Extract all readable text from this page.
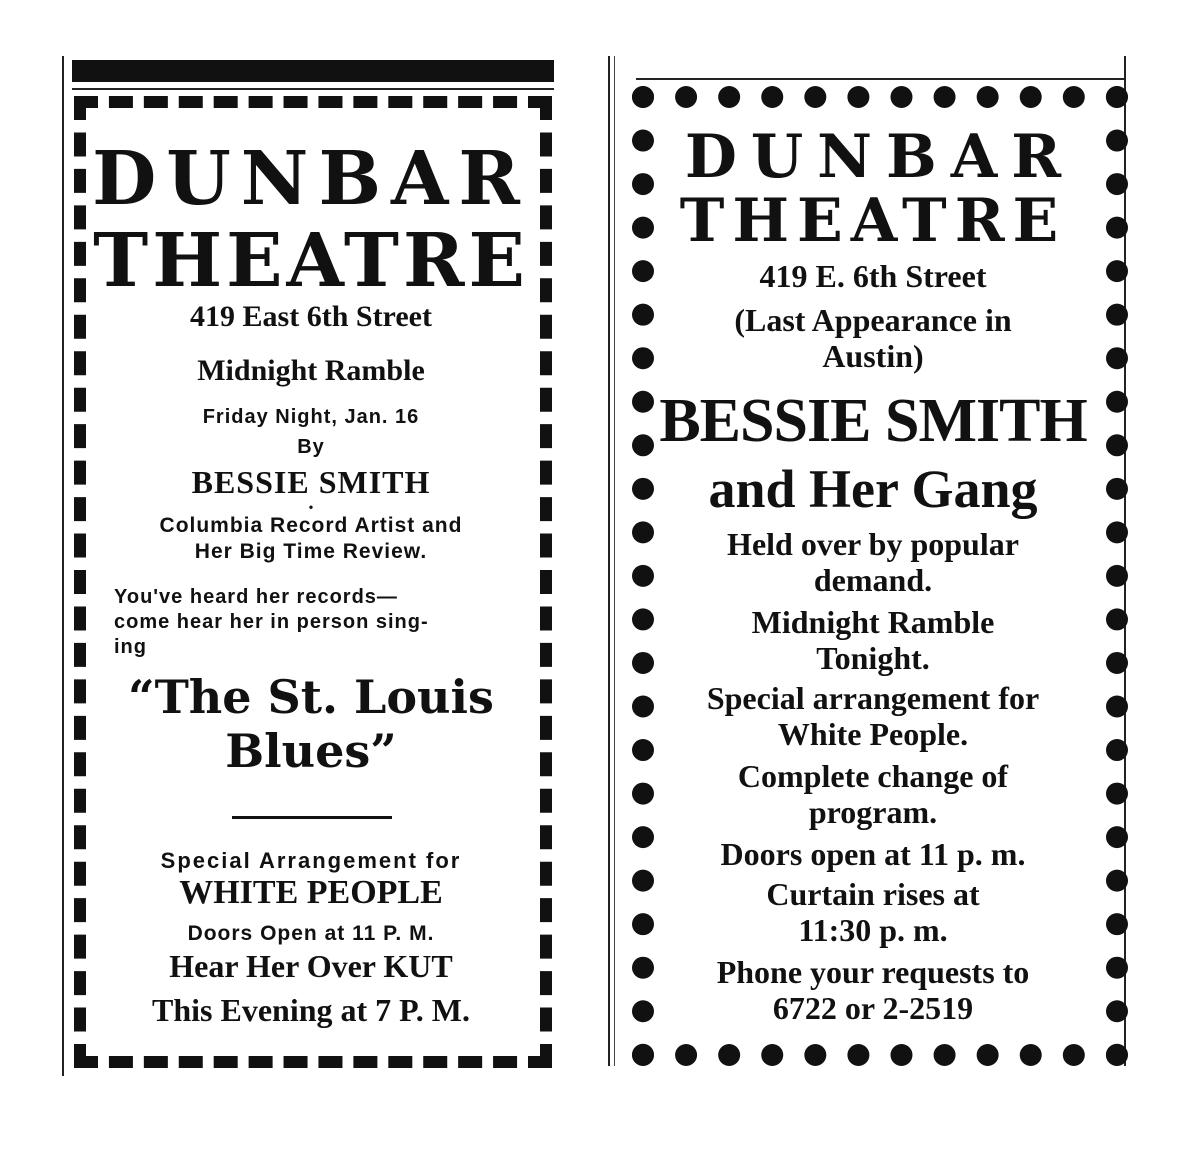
DUNBAR
THEATRE
419 East 6th Street
Midnight Ramble
Friday Night, Jan. 16
By
BESSIE SMITH
•
Columbia Record Artist and
Her Big Time Review.
You've heard her records—
come hear her in person sing-
ing
“The St. Louis
Blues”
Special Arrangement for
WHITE PEOPLE
Doors Open at 11 P. M.
Hear Her Over KUT
This Evening at 7 P. M.
DUNBAR
THEATRE
419 E. 6th Street
(Last Appearance in
Austin)
BESSIE SMITH
and Her Gang
Held over by popular
demand.
Midnight Ramble
Tonight.
Special arrangement for
White People.
Complete change of
program.
Doors open at 11 p. m.
Curtain rises at
11:30 p. m.
Phone your requests to
6722 or 2-2519
